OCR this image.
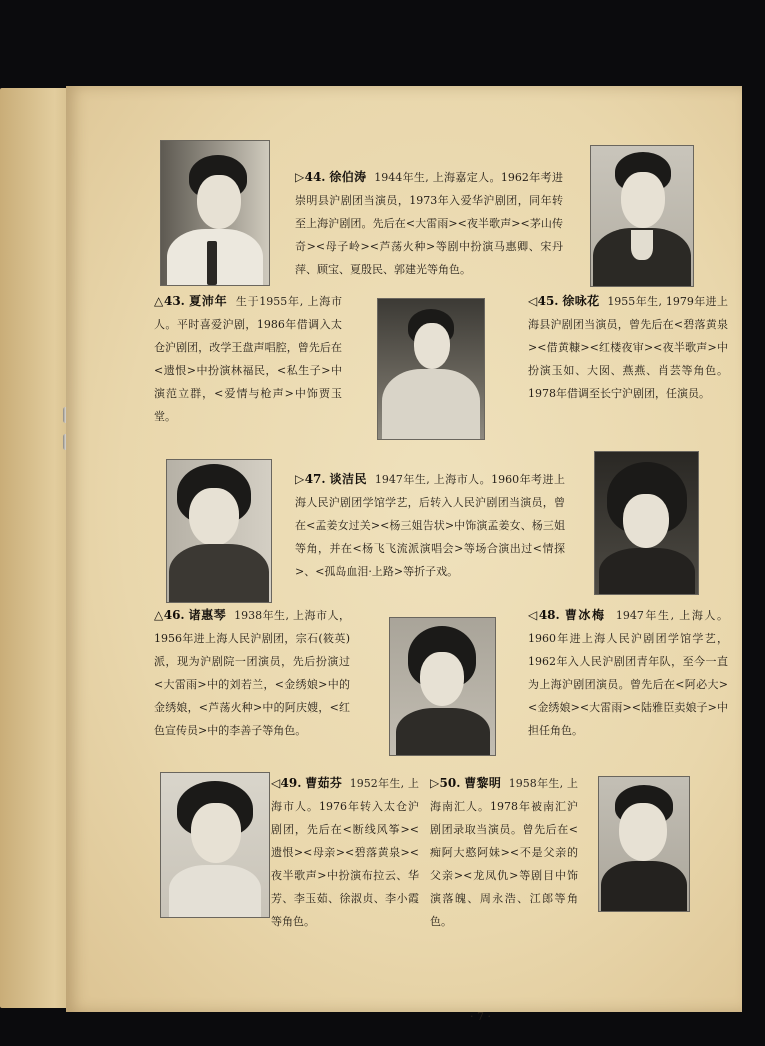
▷44. 徐伯涛 1944年生, 上海嘉定人。1962年考进崇明县沪剧团当演员，1973年入爱华沪剧团，同年转至上海沪剧团。先后在<大雷雨><夜半歌声><茅山传奇><母子岭><芦荡火种>等剧中扮演马惠卿、宋丹萍、顾宝、夏殷民、郭建光等角色。

△43. 夏沛年 生于1955年, 上海市人。平时喜爱沪剧，1986年借调入太仓沪剧团，改学王盘声唱腔，曾先后在<遗恨>中扮演林福民，<私生子>中演范立群，<爱情与枪声>中饰贾玉堂。

◁45. 徐咏花 1955年生, 1979年进上海县沪剧团当演员，曾先后在<碧落黄泉><借黄糠><红楼夜审><夜半歌声>中扮演玉如、大囡、燕燕、肖芸等角色。1978年借调至长宁沪剧团，任演员。

▷47. 谈洁民 1947年生, 上海市人。1960年考进上海人民沪剧团学馆学艺，后转入人民沪剧团当演员，曾在<孟姜女过关><杨三姐告状>中饰演孟姜女、杨三姐等角，并在<杨飞飞流派演唱会>等场合演出过<情探>、<孤岛血泪·上路>等折子戏。

△46. 诸惠琴 1938年生, 上海市人，1956年进上海人民沪剧团，宗石(筱英)派，现为沪剧院一团演员，先后扮演过<大雷雨>中的刘若兰，<金绣娘>中的金绣娘，<芦荡火种>中的阿庆嫂，<红色宣传员>中的李善子等角色。

◁48. 曹冰梅 1947年生, 上海人。1960年进上海人民沪剧团学馆学艺，1962年入人民沪剧团青年队，至今一直为上海沪剧团演员。曾先后在<阿必大><金绣娘><大雷雨><陆雅臣卖娘子>中担任角色。

◁49. 曹茹芬 1952年生, 上海市人。1976年转入太仓沪剧团，先后在<断线风筝><遗恨><母亲><碧落黄泉><夜半歌声>中扮演布拉云、华芳、李玉茹、徐淑贞、李小霞等角色。

▷50. 曹黎明 1958年生, 上海南汇人。1978年被南汇沪剧团录取当演员。曾先后在<痴阿大憨阿妹><不是父亲的父亲><龙凤仇>等剧目中饰演落魄、周永浩、江郎等角色。

· 7 ·
